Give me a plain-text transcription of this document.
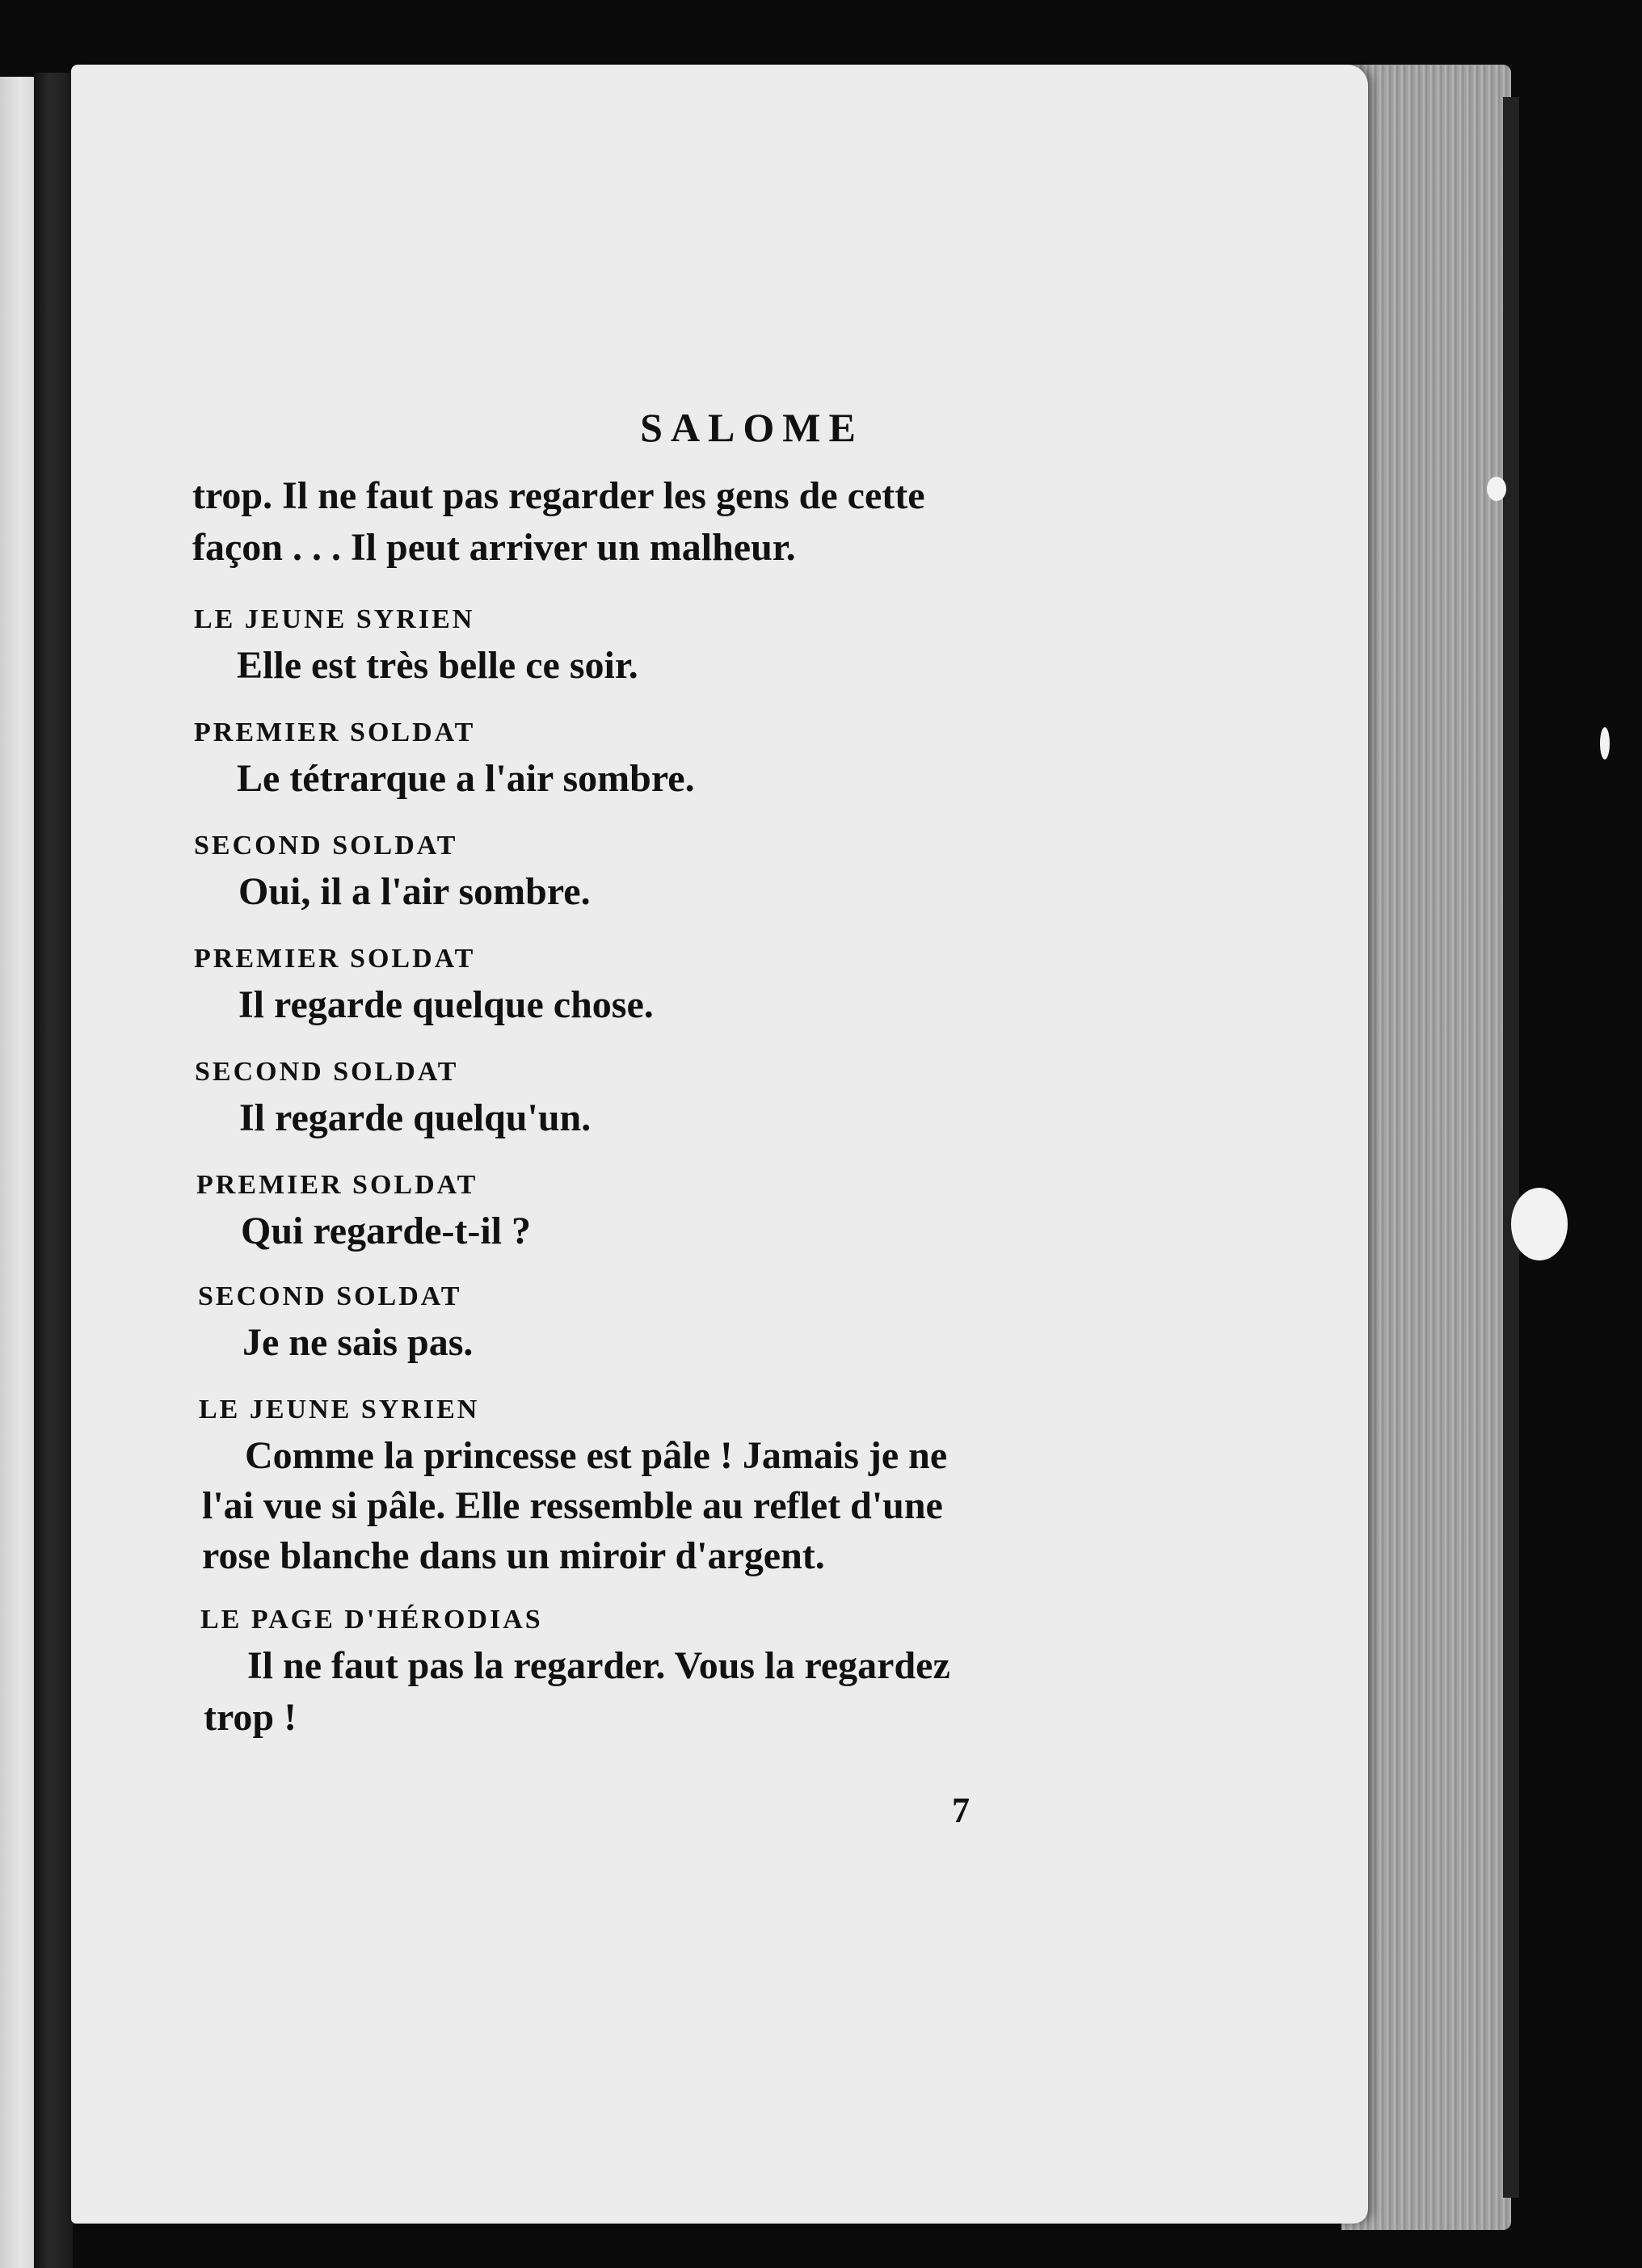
SALOME
trop. Il ne faut pas regarder les gens de cette
façon . . . Il peut arriver un malheur.
LE JEUNE SYRIEN
Elle est très belle ce soir.
PREMIER SOLDAT
Le tétrarque a l'air sombre.
SECOND SOLDAT
Oui, il a l'air sombre.
PREMIER SOLDAT
Il regarde quelque chose.
SECOND SOLDAT
Il regarde quelqu'un.
PREMIER SOLDAT
Qui regarde-t-il ?
SECOND SOLDAT
Je ne sais pas.
LE JEUNE SYRIEN
Comme la princesse est pâle ! Jamais je ne
l'ai vue si pâle. Elle ressemble au reflet d'une
rose blanche dans un miroir d'argent.
LE PAGE D'HÉRODIAS
Il ne faut pas la regarder. Vous la regardez
trop !
7
